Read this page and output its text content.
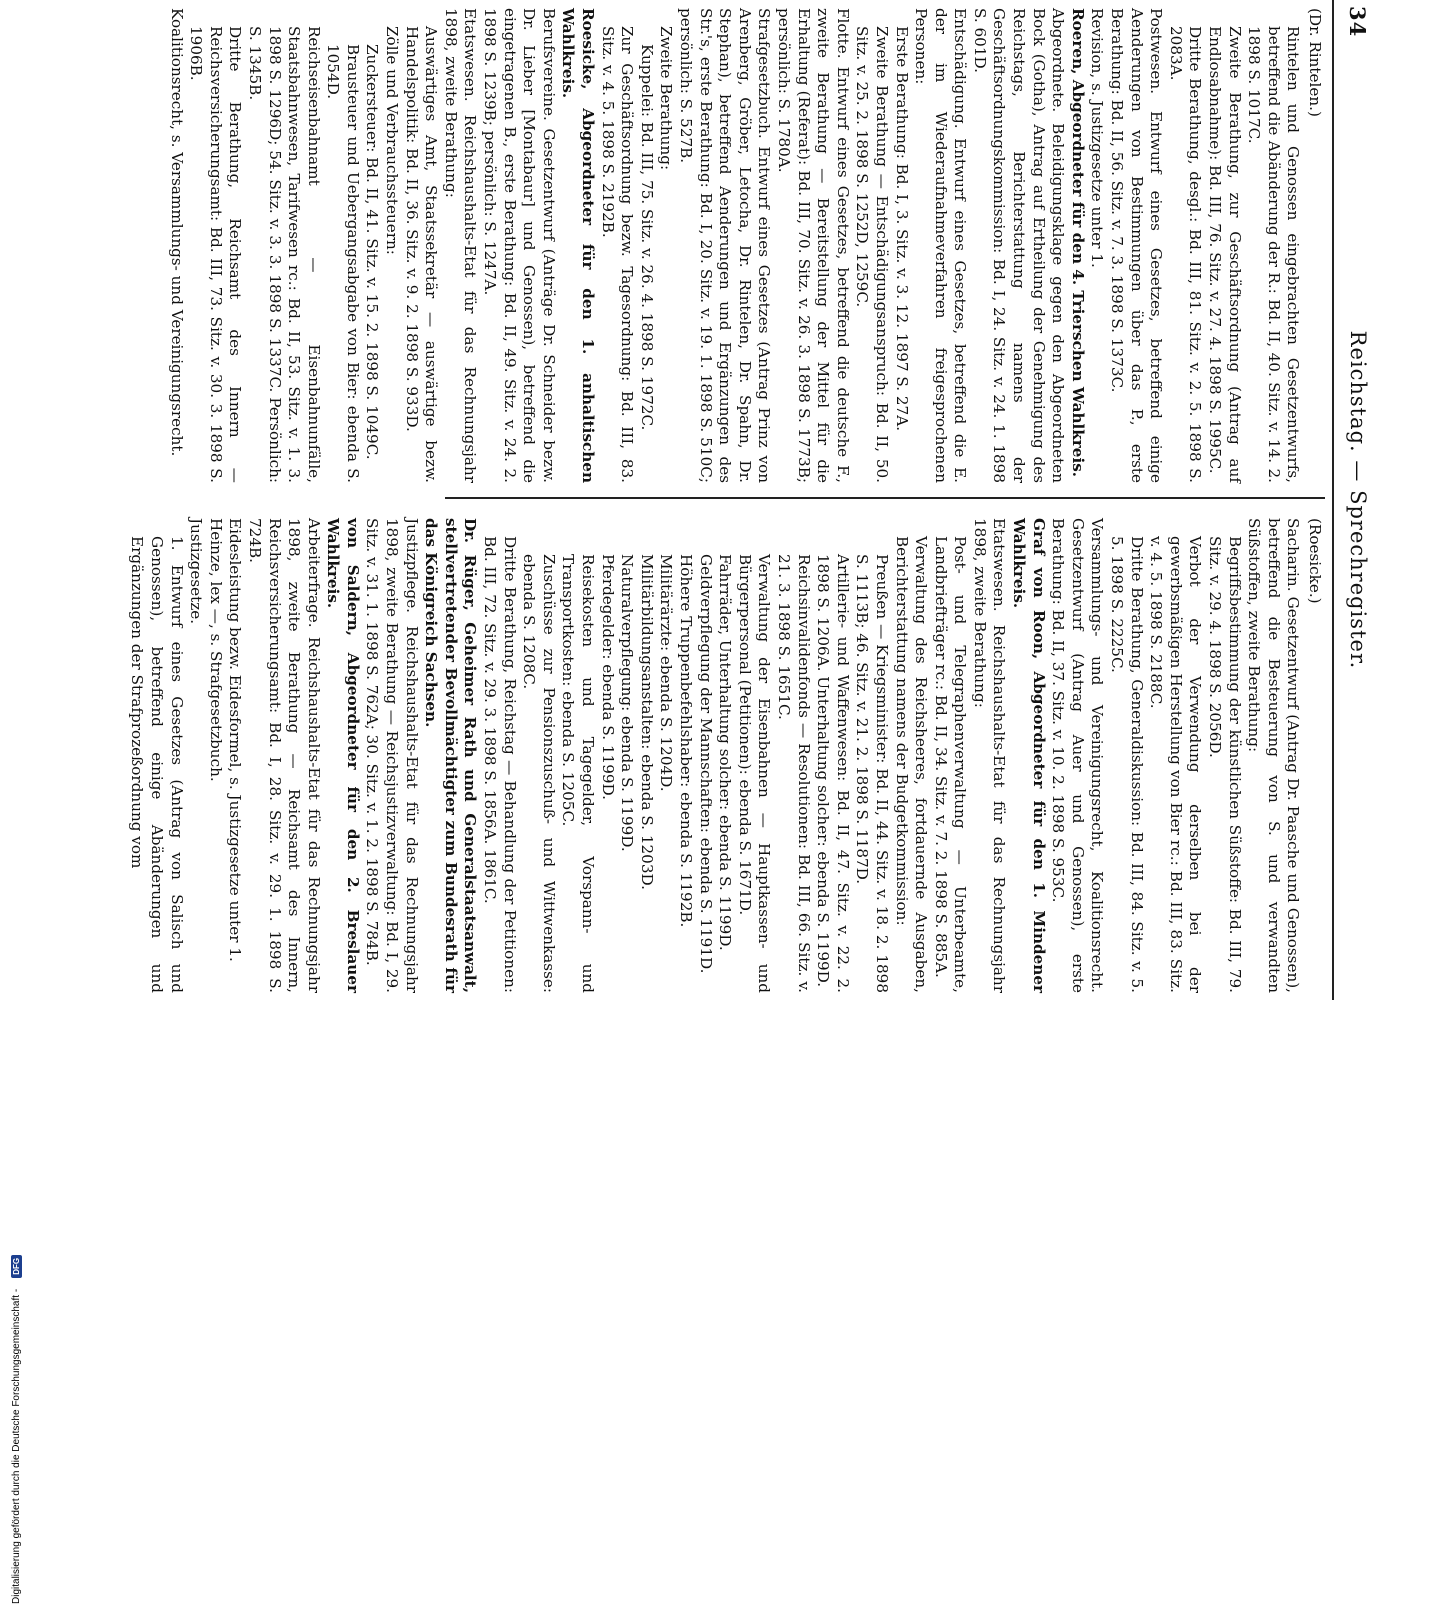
34
Reichstag. — Sprechregister.

(Dr. Rintelen.)

Rintelen und Genossen eingebrachten Gesetzentwurfs, betreffend die Abänderung der R.: Bd. II, 40. Sitz. v. 14. 2. 1898 S. 1017C.

Zweite Berathung, zur Geschäftsordnung (Antrag auf Endlosabnahme): Bd. III, 76. Sitz. v. 27. 4. 1898 S. 1995C.

Dritte Berathung, desgl.: Bd. III, 81. Sitz. v. 2. 5. 1898 S. 2083A.

Postwesen. Entwurf eines Gesetzes, betreffend einige Aenderungen von Bestimmungen über das P., erste Berathung: Bd. II, 56. Sitz. v. 7. 3. 1898 S. 1373C.

Revision, s. Justizgesetze unter 1.

Roeren, Abgeordneter für den 4. Trierschen Wahlkreis.

Abgeordnete. Beleidigungsklage gegen den Abgeordneten Bock (Gotha), Antrag auf Ertheilung der Genehmigung des Reichstags, Berichterstattung namens der Geschäftsordnungskommission: Bd. I, 24. Sitz. v. 24. 1. 1898 S. 601D.

Entschädigung. Entwurf eines Gesetzes, betreffend die E. der im Wiederaufnahmeverfahren freigesprochenen Personen:

Erste Berathung: Bd. I, 3. Sitz. v. 3. 12. 1897 S. 27A.

Zweite Berathung — Entschädigungsanspruch: Bd. II, 50. Sitz. v. 25. 2. 1898 S. 1252D, 1259C.

Flotte. Entwurf eines Gesetzes, betreffend die deutsche F., zweite Berathung — Bereitstellung der Mittel für die Erhaltung (Referat): Bd. III, 70. Sitz. v. 26. 3. 1898 S. 1773B; persönlich: S. 1780A.

Strafgesetzbuch. Entwurf eines Gesetzes (Antrag Prinz von Arenberg, Gröber, Letocha, Dr. Rintelen, Dr. Spahn, Dr. Stephan), betreffend Aenderungen und Ergänzungen des Str.'s, erste Berathung: Bd. I, 20. Sitz. v. 19. 1. 1898 S. 510C; persönlich: S. 527B.

Zweite Berathung:

Kuppelei: Bd. III, 75. Sitz. v. 26. 4. 1898 S. 1972C.

Zur Geschäftsordnung bezw. Tagesordnung: Bd. III, 83. Sitz. v. 4. 5. 1898 S. 2192B.

Roesicke, Abgeordneter für den 1. anhaltischen Wahlkreis.

Berufsvereine. Gesetzentwurf (Anträge Dr. Schneider bezw. Dr. Lieber [Montabaur] und Genossen), betreffend die eingetragenen B., erste Berathung: Bd. II, 49. Sitz. v. 24. 2. 1898 S. 1239B; persönlich: S. 1247A.

Etatswesen. Reichshaushalts-Etat für das Rechnungsjahr 1898, zweite Berathung:

Auswärtiges Amt, Staatssekretär — auswärtige bezw. Handelspolitik: Bd. II, 36. Sitz. v. 9. 2. 1898 S. 933D.

Zölle und Verbrauchssteuern:

Zuckersteuer: Bd. II, 41. Sitz. v. 15. 2. 1898 S. 1049C.

Brausteuer und Uebergangsabgabe von Bier: ebenda S. 1054D.

Reichseisenbahnamt — Eisenbahnunfälle, Staatsbahnwesen, Tarifwesen rc.: Bd. II, 53. Sitz. v. 1. 3. 1898 S. 1296D; 54. Sitz. v. 3. 3. 1898 S. 1337C. Persönlich: S. 1345B.

Dritte Berathung, Reichsamt des Innern — Reichsversicherungsamt: Bd. III, 73. Sitz. v. 30. 3. 1898 S. 1906B.

Koalitionsrecht, s. Versammlungs- und Vereinigungsrecht.

(Roesicke.)

Sacharin. Gesetzentwurf (Antrag Dr. Paasche und Genossen), betreffend die Besteuerung von S. und verwandten Süßstoffen, zweite Berathung:

Begriffsbestimmung der künstlichen Süßstoffe: Bd. III, 79. Sitz. v. 29. 4. 1898 S. 2056D.

Verbot der Verwendung derselben bei der gewerbsmäßigen Herstellung von Bier rc.: Bd. III, 83. Sitz. v. 4. 5. 1898 S. 2188C.

Dritte Berathung, Generaldiskussion: Bd. III, 84. Sitz. v. 5. 5. 1898 S. 2225C.

Versammlungs- und Vereinigungsrecht, Koalitionsrecht. Gesetzentwurf (Antrag Auer und Genossen), erste Berathung: Bd. II, 37. Sitz. v. 10. 2. 1898 S. 953C.

Graf von Roon, Abgeordneter für den 1. Mindener Wahlkreis.

Etatswesen. Reichshaushalts-Etat für das Rechnungsjahr 1898, zweite Berathung:

Post- und Telegraphenverwaltung — Unterbeamte, Landbriefträger rc.: Bd. II, 34. Sitz. v. 7. 2. 1898 S. 885A.

Verwaltung des Reichsheeres, fortdauernde Ausgaben, Berichterstattung namens der Budgetkommission:

Preußen — Kriegsminister: Bd. II, 44. Sitz. v. 18. 2. 1898 S. 1113B; 46. Sitz. v. 21. 2. 1898 S. 1187D.

Artillerie- und Waffenwesen: Bd. II, 47. Sitz. v. 22. 2. 1898 S. 1206A. Unterhaltung solcher: ebenda S. 1199D.

Reichsinvalidenfonds — Resolutionen: Bd. III, 66. Sitz. v. 21. 3. 1898 S. 1651C.

Verwaltung der Eisenbahnen — Hauptkassen- und Bürgerpersonal (Petitionen): ebenda S. 1671D.

Fahrräder, Unterhaltung solcher: ebenda S. 1199D.

Geldverpflegung der Mannschaften: ebenda S. 1191D.

Höhere Truppenbefehlshaber: ebenda S. 1192B.

Militärärzte: ebenda S. 1204D.

Militärbildungsanstalten: ebenda S. 1203D.

Naturalverpflegung: ebenda S. 1199D.

Pferdegelder: ebenda S. 1199D.

Reisekosten und Tagegelder, Vorspann- und Transportkosten: ebenda S. 1205C.

Zuschüsse zur Pensionszuschuß- und Wittwenkasse: ebenda S. 1208C.

Dritte Berathung, Reichstag — Behandlung der Petitionen: Bd. III, 72. Sitz. v. 29. 3. 1898 S. 1856A. 1861C.

Dr. Rüger, Geheimer Rath und Generalstaatsanwalt, stellvertretender Bevollmächtigter zum Bundesrath für das Königreich Sachsen.

Justizpflege. Reichshaushalts-Etat für das Rechnungsjahr 1898, zweite Berathung — Reichsjustizverwaltung: Bd. I, 29. Sitz. v. 31. 1. 1898 S. 762A; 30. Sitz. v. 1. 2. 1898 S. 784B.

von Saldern, Abgeordneter für den 2. Breslauer Wahlkreis.

Arbeiterfrage. Reichshaushalts-Etat für das Rechnungsjahr 1898, zweite Berathung — Reichsamt des Innern, Reichsversicherungsamt: Bd. I, 28. Sitz. v. 29. 1. 1898 S. 724B.

Eidesleistung bezw. Eidesformel, s. Justizgesetze unter 1.

Heinze, lex —, s. Strafgesetzbuch.

Justizgesetze.

1. Entwurf eines Gesetzes (Antrag von Salisch und Genossen), betreffend einige Abänderungen und Ergänzungen der Strafprozeßordnung vom

Digitalisierung gefördert durch die Deutsche Forschungsgemeinschaft - DFG
